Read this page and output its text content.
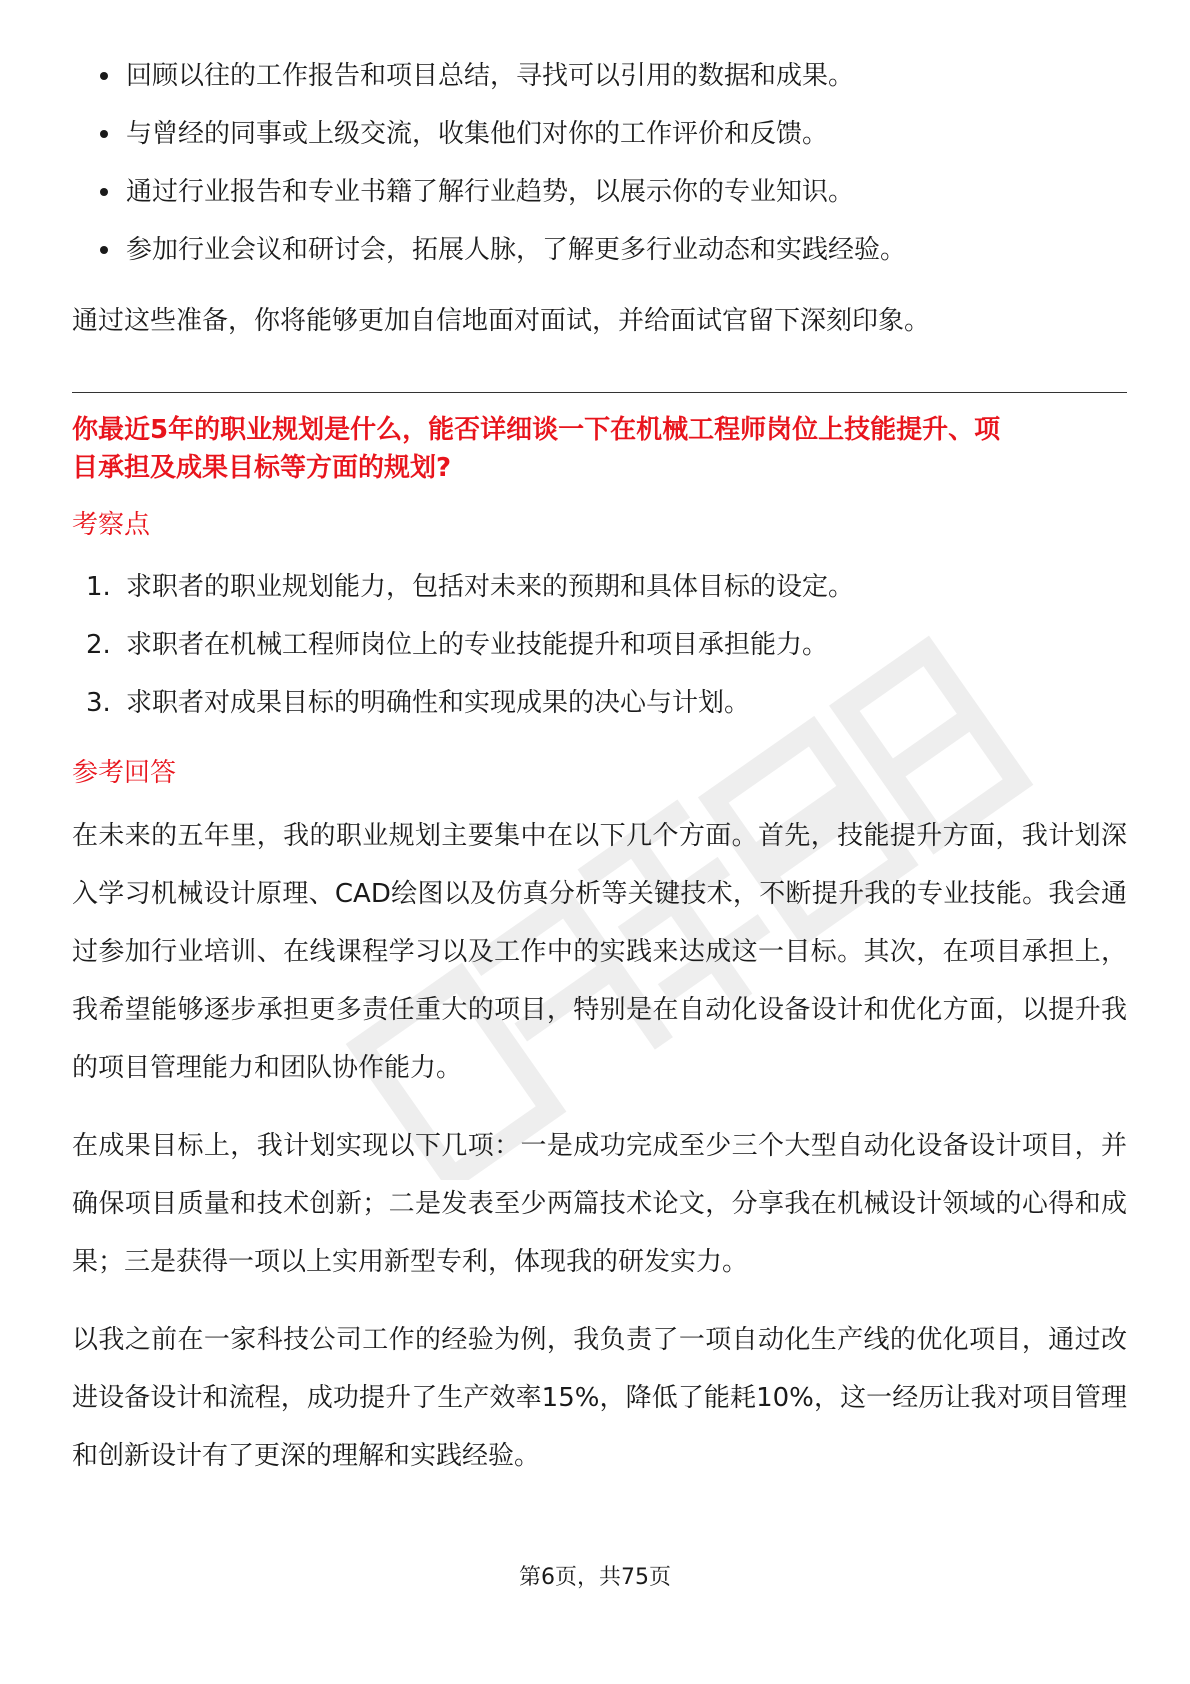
回顾以往的工作报告和项目总结，寻找可以引用的数据和成果。
与曾经的同事或上级交流，收集他们对你的工作评价和反馈。
通过行业报告和专业书籍了解行业趋势，以展示你的专业知识。
参加行业会议和研讨会，拓展人脉，了解更多行业动态和实践经验。

通过这些准备，你将能够更加自信地面对面试，并给面试官留下深刻印象。

你最近5年的职业规划是什么，能否详细谈一下在机械工程师岗位上技能提升、项
目承担及成果目标等方面的规划?

考察点
1. 求职者的职业规划能力，包括对未来的预期和具体目标的设定。
2. 求职者在机械工程师岗位上的专业技能提升和项目承担能力。
3. 求职者对成果目标的明确性和实现成果的决心与计划。
参考回答

在未来的五年里，我的职业规划主要集中在以下几个方面。首先，技能提升方面，我计划深入学习机械设计原理、CAD绘图以及仿真分析等关键技术，不断提升我的专业技能。我会通过参加行业培训、在线课程学习以及工作中的实践来达成这一目标。其次，在项目承担上，我希望能够逐步承担更多责任重大的项目，特别是在自动化设备设计和优化方面，以提升我的项目管理能力和团队协作能力。

在成果目标上，我计划实现以下几项：一是成功完成至少三个大型自动化设备设计项目，并确保项目质量和技术创新；二是发表至少两篇技术论文，分享我在机械设计领域的心得和成果；三是获得一项以上实用新型专利，体现我的研发实力。

以我之前在一家科技公司工作的经验为例，我负责了一项自动化生产线的优化项目，通过改进设备设计和流程，成功提升了生产效率15%，降低了能耗10%，这一经历让我对项目管理和创新设计有了更深的理解和实践经验。

第6页，共75页
